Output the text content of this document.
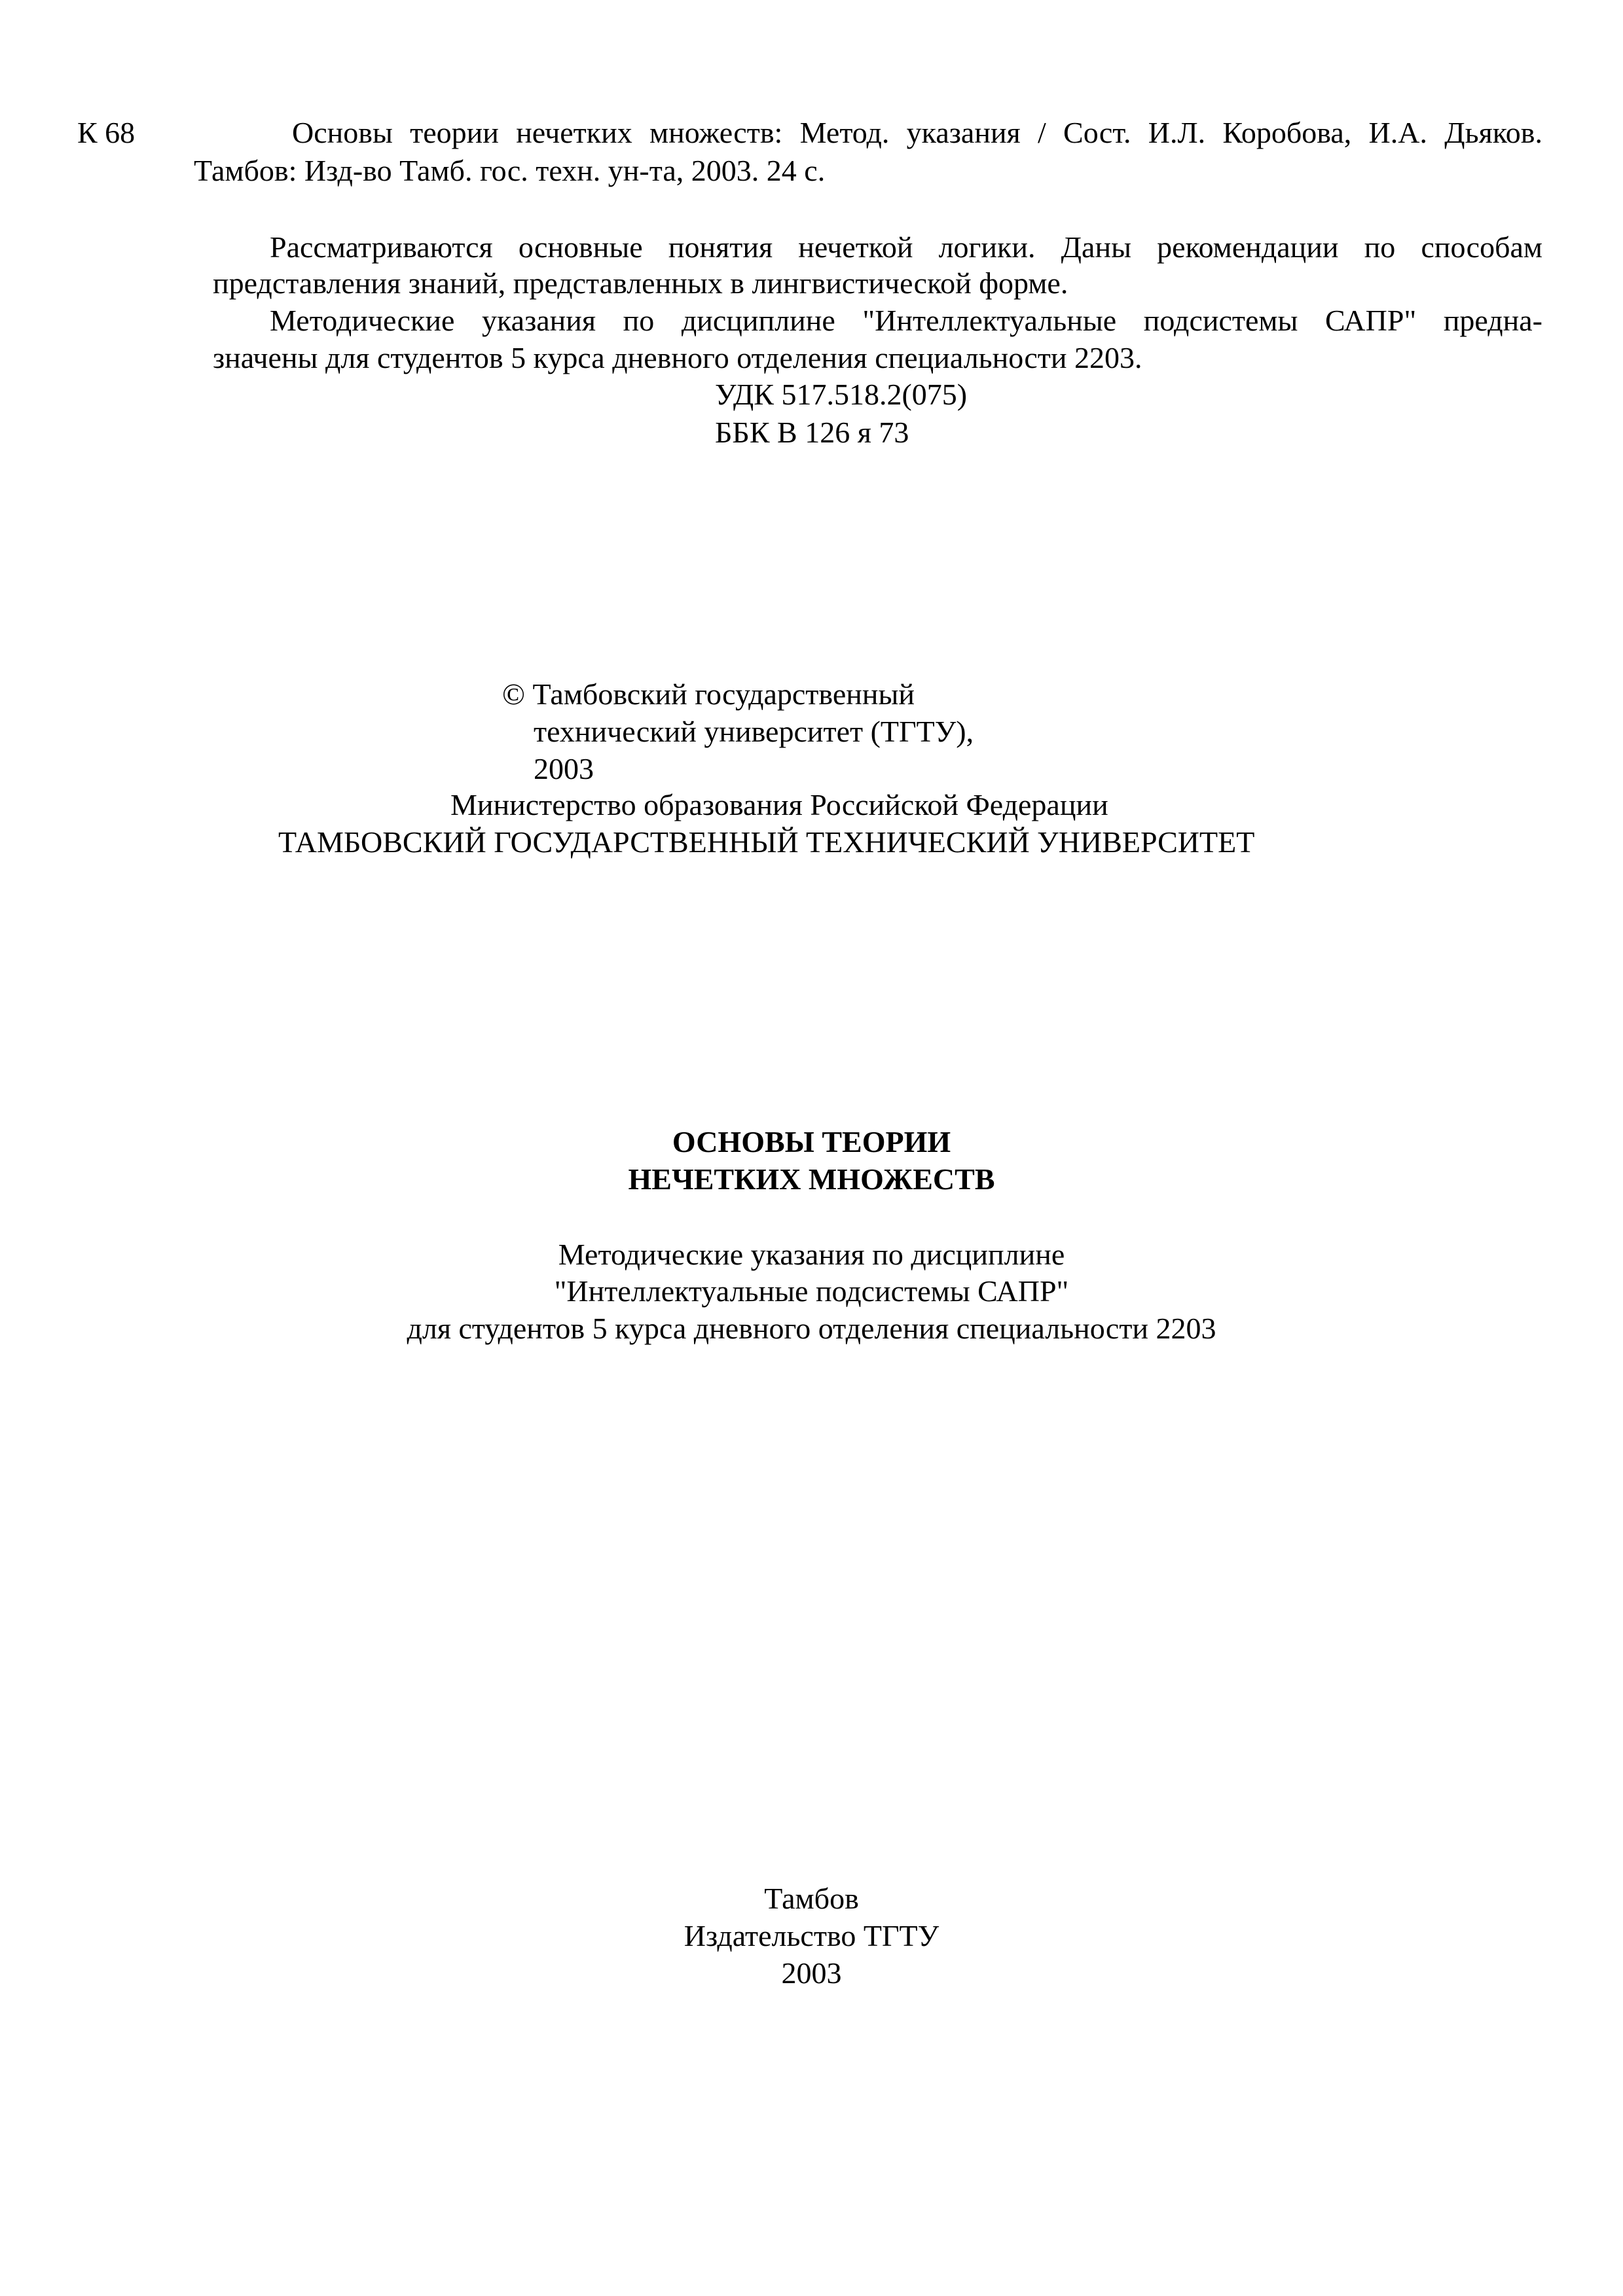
К 68	Основы теории нечетких множеств: Метод. указания / Сост. И.Л. Коробова, И.А. Дьяков.
Тамбов: Изд-во Тамб. гос. техн. ун-та, 2003. 24 с.
Рассматриваются основные понятия нечеткой логики. Даны рекомендации по способам
представления знаний, представленных в лингвистической форме.
Методические указания по дисциплине "Интеллектуальные подсистемы САПР" предна-
значены для студентов 5 курса дневного отделения специальности 2203.
УДК 517.518.2(075)
ББК В 126 я 73
© Тамбовский государственный
технический университет (ТГТУ),
2003
Министерство образования Российской Федерации
ТАМБОВСКИЙ ГОСУДАРСТВЕННЫЙ ТЕХНИЧЕСКИЙ УНИВЕРСИТЕТ
ОСНОВЫ ТЕОРИИ
НЕЧЕТКИХ МНОЖЕСТВ
Методические указания по дисциплине
"Интеллектуальные подсистемы САПР"
для студентов 5 курса дневного отделения специальности 2203
Тамбов
Издательство ТГТУ
2003
